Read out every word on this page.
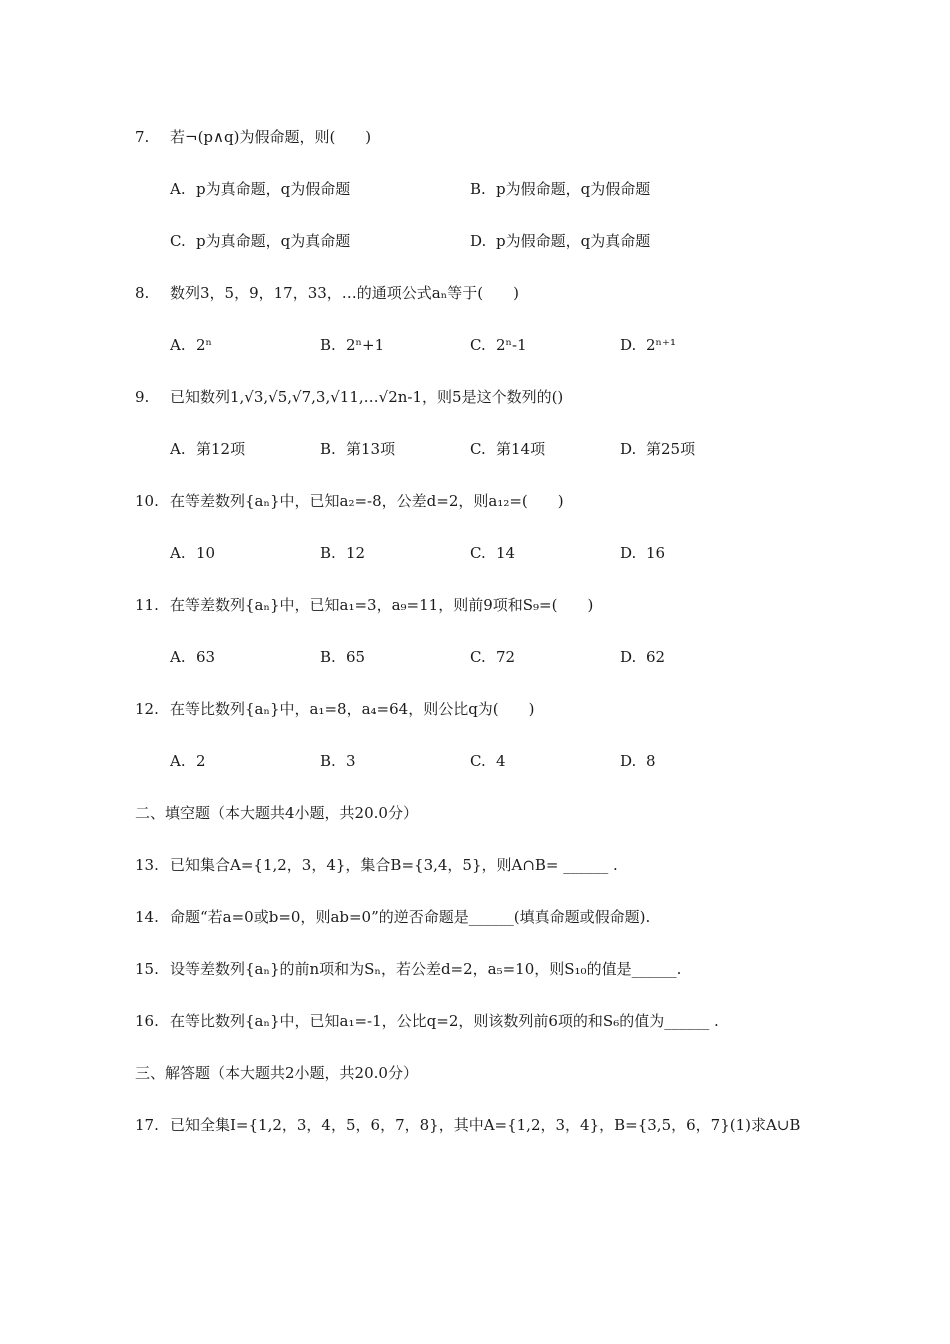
7. 若¬(p∧q)为假命题，则(　　)
A. p为真命题，q为假命题	B. p为假命题，q为假命题
C. p为真命题，q为真命题	D. p为假命题，q为真命题
8. 数列3，5，9，17，33，…的通项公式aₙ等于(　　)
A. 2ⁿ	B. 2ⁿ+1	C. 2ⁿ-1	D. 2ⁿ⁺¹
9. 已知数列1,√3,√5,√7,3,√11,…√2n-1，则5是这个数列的()
A. 第12项	B. 第13项	C. 第14项	D. 第25项
10. 在等差数列{aₙ}中，已知a₂=-8，公差d=2，则a₁₂=(　　)
A. 10	B. 12	C. 14	D. 16
11. 在等差数列{aₙ}中，已知a₁=3，a₉=11，则前9项和S₉=(　　)
A. 63	B. 65	C. 72	D. 62
12. 在等比数列{aₙ}中，a₁=8，a₄=64，则公比q为(　　)
A. 2	B. 3	C. 4	D. 8
二、填空题（本大题共4小题，共20.0分）
13. 已知集合A={1,2，3，4}，集合B={3,4，5}，则A∩B= ______ .
14. 命题“若a=0或b=0，则ab=0”的逆否命题是______(填真命题或假命题).
15. 设等差数列{aₙ}的前n项和为Sₙ，若公差d=2，a₅=10，则S₁₀的值是______.
16. 在等比数列{aₙ}中，已知a₁=-1，公比q=2，则该数列前6项的和S₆的值为______ .
三、解答题（本大题共2小题，共20.0分）
17. 已知全集I={1,2，3，4，5，6，7，8}，其中A={1,2，3，4}，B={3,5，6，7}(1)求A∪B
